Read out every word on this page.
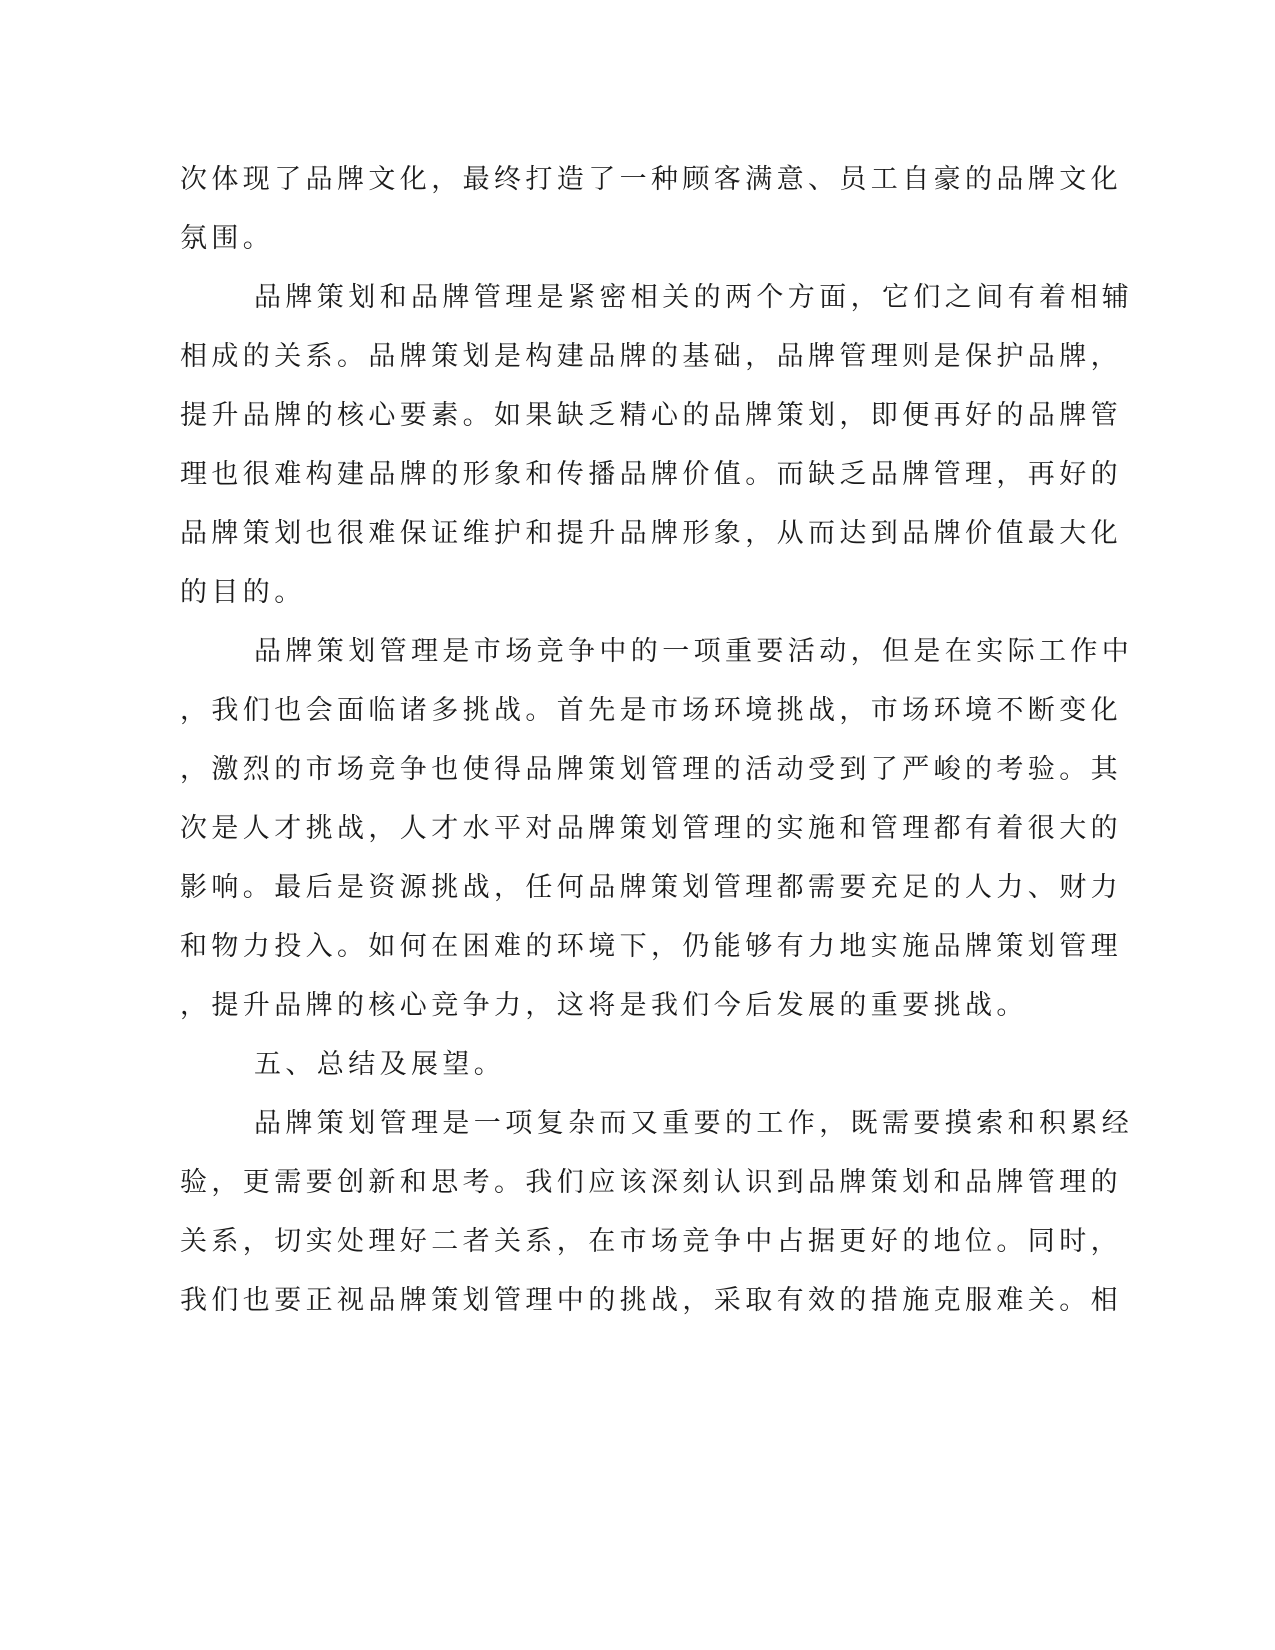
次体现了品牌文化，最终打造了一种顾客满意、员工自豪的品牌文化
氛围。
品牌策划和品牌管理是紧密相关的两个方面，它们之间有着相辅
相成的关系。品牌策划是构建品牌的基础，品牌管理则是保护品牌，
提升品牌的核心要素。如果缺乏精心的品牌策划，即便再好的品牌管
理也很难构建品牌的形象和传播品牌价值。而缺乏品牌管理，再好的
品牌策划也很难保证维护和提升品牌形象，从而达到品牌价值最大化
的目的。
品牌策划管理是市场竞争中的一项重要活动，但是在实际工作中
，我们也会面临诸多挑战。首先是市场环境挑战，市场环境不断变化
，激烈的市场竞争也使得品牌策划管理的活动受到了严峻的考验。其
次是人才挑战，人才水平对品牌策划管理的实施和管理都有着很大的
影响。最后是资源挑战，任何品牌策划管理都需要充足的人力、财力
和物力投入。如何在困难的环境下，仍能够有力地实施品牌策划管理
，提升品牌的核心竞争力，这将是我们今后发展的重要挑战。
五、总结及展望。
品牌策划管理是一项复杂而又重要的工作，既需要摸索和积累经
验，更需要创新和思考。我们应该深刻认识到品牌策划和品牌管理的
关系，切实处理好二者关系，在市场竞争中占据更好的地位。同时，
我们也要正视品牌策划管理中的挑战，采取有效的措施克服难关。相
